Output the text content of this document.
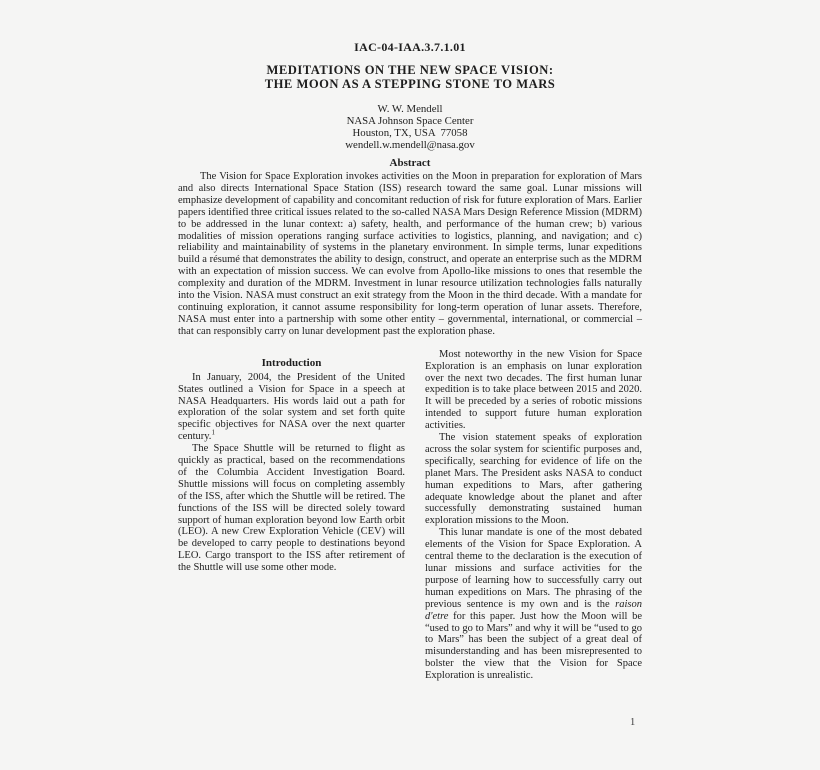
IAC-04-IAA.3.7.1.01
MEDITATIONS ON THE NEW SPACE VISION:
THE MOON AS A STEPPING STONE TO MARS
W. W. Mendell
NASA Johnson Space Center
Houston, TX, USA  77058
wendell.w.mendell@nasa.gov
Abstract

The Vision for Space Exploration invokes activities on the Moon in preparation for exploration of Mars and also directs International Space Station (ISS) research toward the same goal. Lunar missions will emphasize development of capability and concomitant reduction of risk for future exploration of Mars. Earlier papers identified three critical issues related to the so-called NASA Mars Design Reference Mission (MDRM) to be addressed in the lunar context: a) safety, health, and performance of the human crew; b) various modalities of mission operations ranging surface activities to logistics, planning, and navigation; and c) reliability and maintainability of systems in the planetary environment. In simple terms, lunar expeditions build a résumé that demonstrates the ability to design, construct, and operate an enterprise such as the MDRM with an expectation of mission success. We can evolve from Apollo-like missions to ones that resemble the complexity and duration of the MDRM. Investment in lunar resource utilization technologies falls naturally into the Vision. NASA must construct an exit strategy from the Moon in the third decade. With a mandate for continuing exploration, it cannot assume responsibility for long-term operation of lunar assets. Therefore, NASA must enter into a partnership with some other entity – governmental, international, or commercial – that can responsibly carry on lunar development past the exploration phase.

Introduction

In January, 2004, the President of the United States outlined a Vision for Space in a speech at NASA Headquarters. His words laid out a path for exploration of the solar system and set forth quite specific objectives for NASA over the next quarter century.$^1$

The Space Shuttle will be returned to flight as quickly as practical, based on the recommendations of the Columbia Accident Investigation Board. Shuttle missions will focus on completing assembly of the ISS, after which the Shuttle will be retired. The functions of the ISS will be directed solely toward support of human exploration beyond low Earth orbit (LEO). A new Crew Exploration Vehicle (CEV) will be developed to carry people to destinations beyond LEO. Cargo transport to the ISS after retirement of the Shuttle will use some other mode.

Most noteworthy in the new Vision for Space Exploration is an emphasis on lunar exploration over the next two decades. The first human lunar expedition is to take place between 2015 and 2020. It will be preceded by a series of robotic missions intended to support future human exploration activities.

The vision statement speaks of exploration across the solar system for scientific purposes and, specifically, searching for evidence of life on the planet Mars. The President asks NASA to conduct human expeditions to Mars, after gathering adequate knowledge about the planet and after successfully demonstrating sustained human exploration missions to the Moon.

This lunar mandate is one of the most debated elements of the Vision for Space Exploration. A central theme to the declaration is the execution of lunar missions and surface activities for the purpose of learning how to successfully carry out human expeditions on Mars. The phrasing of the previous sentence is my own and is the raison d'etre for this paper. Just how the Moon will be “used to go to Mars” and why it will be “used to go to Mars” has been the subject of a great deal of misunderstanding and has been misrepresented to bolster the view that the Vision for Space Exploration is unrealistic.

1
